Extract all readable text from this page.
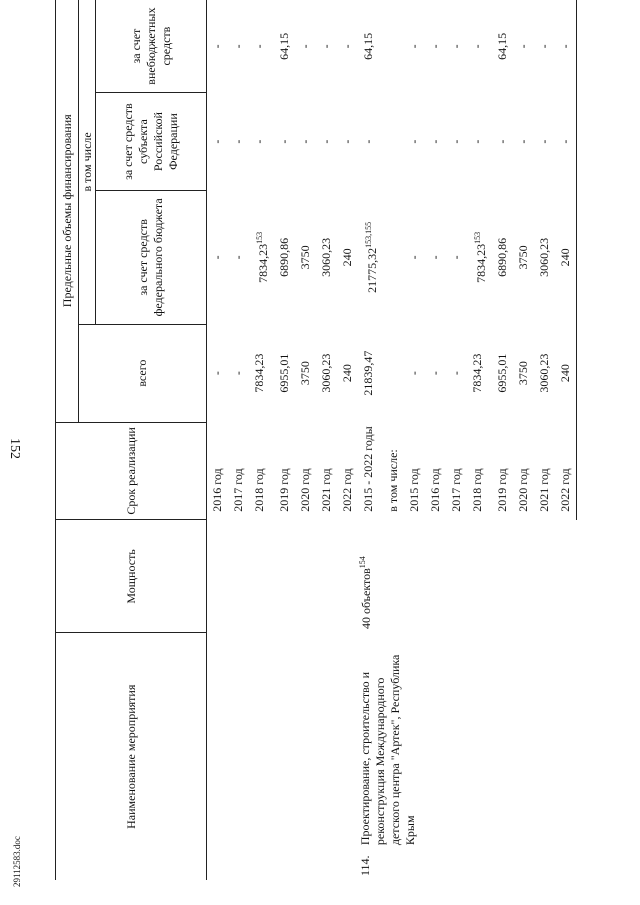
152
29112583.doc
Наименование мероприятия		Мощность	Срок реализации	Предельные объемы финансирования			
				всего	в том числе		
					за счет средств федерального бюджета	за счет средств субъекта Российской Федерации	за счет внебюджетных средств
			2016 год	-	-	-	-
			2017 год	-	-	-	-
			2018 год	7834,23	7834,23$^{153}$	-	-
			2019 год	6955,01	6890,86	-	64,15
			2020 год	3750	3750	-	-
			2021 год	3060,23	3060,23	-	-
			2022 год	240	240	-	-
114.	Проектирование, строительство и реконструкция Международного детского центра "Артек", Республика Крым	40 объектов$^{154}$	2015 - 2022 годы	21839,47	21775,32$^{153,155}$	-	64,15
			в том числе:				
			2015 год	-	-	-	-
			2016 год	-	-	-	-
			2017 год	-	-	-	-
			2018 год	7834,23	7834,23$^{153}$	-	-
			2019 год	6955,01	6890,86	-	64,15
			2020 год	3750	3750	-	-
			2021 год	3060,23	3060,23	-	-
			2022 год	240	240	-	-
